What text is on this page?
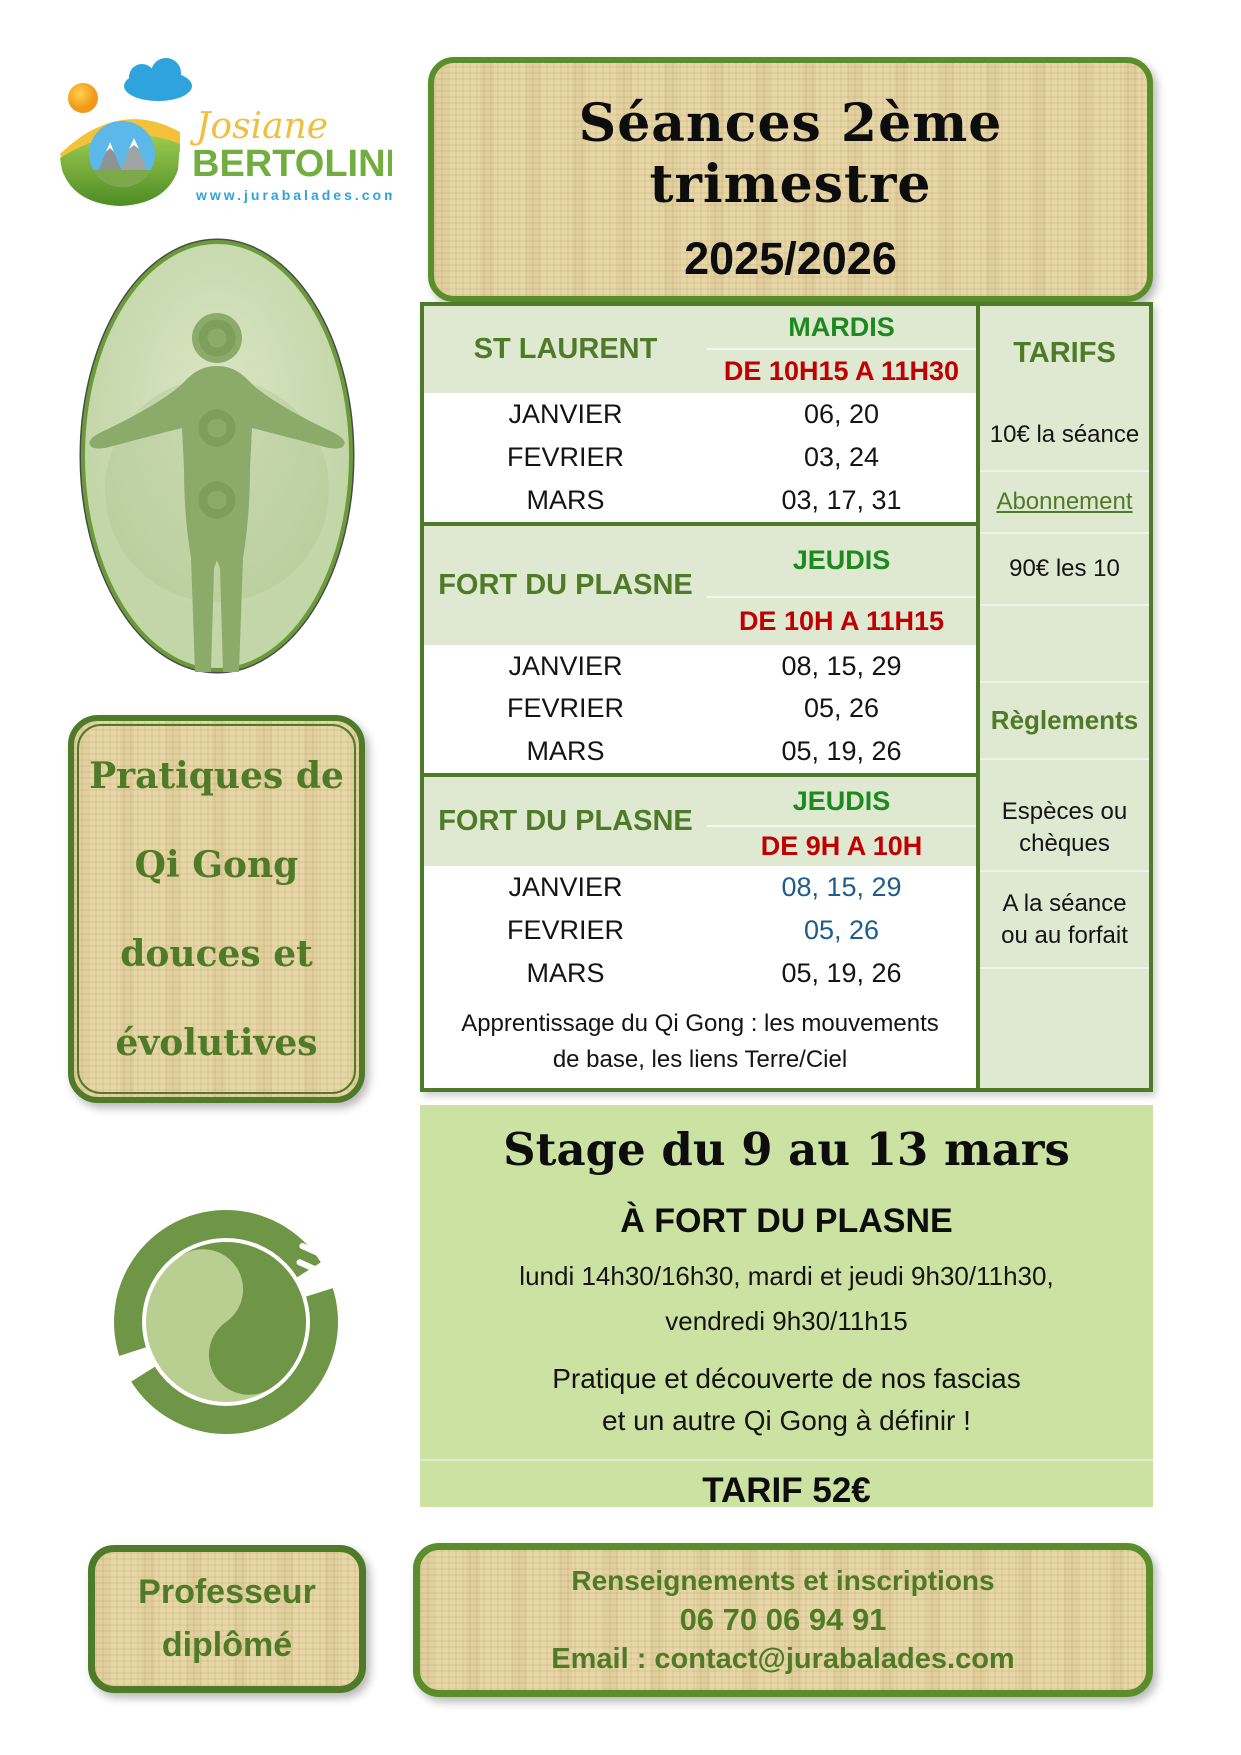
Josiane
BERTOLINI
www.jurabalades.com
Séances 2ème trimestre
2025/2026
ST LAURENT
MARDIS
DE 10H15 A 11H30
JANVIER	06, 20
FEVRIER	03, 24
MARS	03, 17, 31
FORT DU PLASNE
JEUDIS
DE 10H A 11H15
JANVIER	08, 15, 29
FEVRIER	05, 26
MARS	05, 19, 26
FORT DU PLASNE
JEUDIS
DE 9H A 10H
JANVIER	08, 15, 29
FEVRIER	05, 26
MARS	05, 19, 26
Apprentissage du Qi Gong : les mouvements
de base, les liens Terre/Ciel
TARIFS
10€ la séance
Abonnement
90€ les 10
Règlements
Espèces ou
chèques
A la séance
ou au forfait
Pratiques de
Qi Gong
douces et
évolutives
Stage du 9 au 13 mars
À FORT DU PLASNE
lundi 14h30/16h30, mardi et jeudi 9h30/11h30,
vendredi 9h30/11h15
Pratique et découverte de nos fascias
et un autre Qi Gong à définir !
TARIF 52€
Renseignements et inscriptions
06 70 06 94 91
Email : contact@jurabalades.com
Professeur
diplômé
